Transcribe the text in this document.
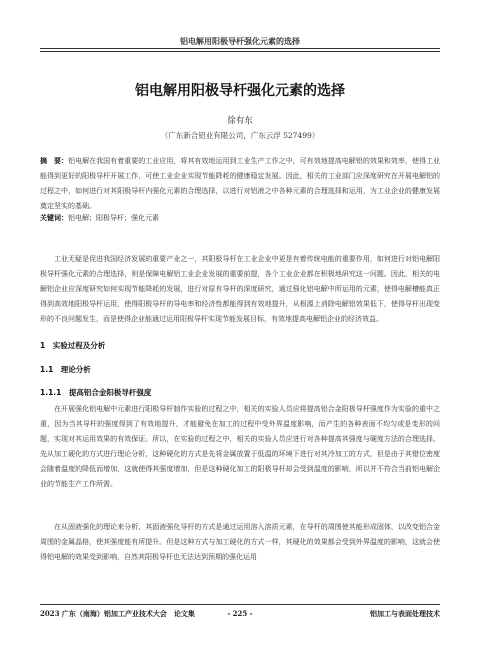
铝电解用阳极导杆强化元素的选择
铝电解用阳极导杆强化元素的选择
徐有东
（广东新合铝业有限公司，广东云浮 527499）
摘　要：铝电解在我国有着重要的工业应用，将其有效地运用到工业生产工作之中，可有效地提高电解铝的效果和效率，使得工业能得到更好的阳极导杆开展工作，可使工业企业实现节能降耗的健康稳定发展。因此，相关的工业部门应深度研究在开展电解铝的过程之中，如何进行对其阳极导杆内强化元素的合理选择，以进行对铝液之中各种元素的合理选择和运用，为工业企业的健康发展奠定坚实的基础。
关键词：铝电解；阳极导杆；强化元素
工业无疑是促进我国经济发展的重要产业之一，其阳极导杆在工业企业中更是有着传统电能的重要作用，如何进行对铝电解阳极导杆强化元素的合理选择，则是保障电解铝工业企业发展的重要前提，各个工业企业都在积极地研究这一问题。因此，相关的电解铝企业应深度研究如何实现节能降耗的发展，进行对原有导杆的深度研究，通过强化铝电解中所运用的元素，使得电解槽能真正得到高效地阳极导杆运用，使得阳极导杆的导电率和经济性都能得到有效地提升，从根源上消除电解铝效果低下，使得导杆出现变形的不良问题发生，而是使得企业能通过运用阳极导杆实现节能发展目标，有效地提高电解铝企业的经济效益。
1　实验过程及分析
1.1　理论分析
1.1.1　提高铝合金阳极导杆强度
在开展强化铝电解中元素进行阳极导杆制作实验的过程之中，相关的实验人员应将提高铝合金阳极导杆强度作为实验的重中之重，因为当其导杆的强度得到了有效地提升，才能避免在加工的过程中受外界温度影响，而产生的各种表面不均匀或是变形的问题，实现对其运用效果的有效保证。所以，在实验的过程之中，相关的实验人员应进行对各种提高其强度与硬度方法的合理选择，先从加工硬化的方式进行理论分析，这种硬化的方式是先将金属放置于低温的环境下进行对其冷加工的方式，但是由于其错位密度会随着温度的降低而增加，这就使得其强度增加，但是这种硬化加工的阳极导杆却会受到温度的影响，所以并不符合当前铝电解企业的节能生产工作所需。
在从固液强化的理论来分析，其固液强化导杆的方式是通过运用溶入溶质元素，在导杆的周围使其能形成固体，以改变铝合金周围的金属晶格，使其强度能有所提升。但是这种方式与加工硬化的方式一样，其硬化的效果都会受到外界温度的影响，这就会使得铝电解的效果受到影响，自然其阳极导杆也无法达到预期的强化运用
2023 广东（南海）铝加工产业技术大会　论文集	- 225 -	铝加工与表面处理技术
